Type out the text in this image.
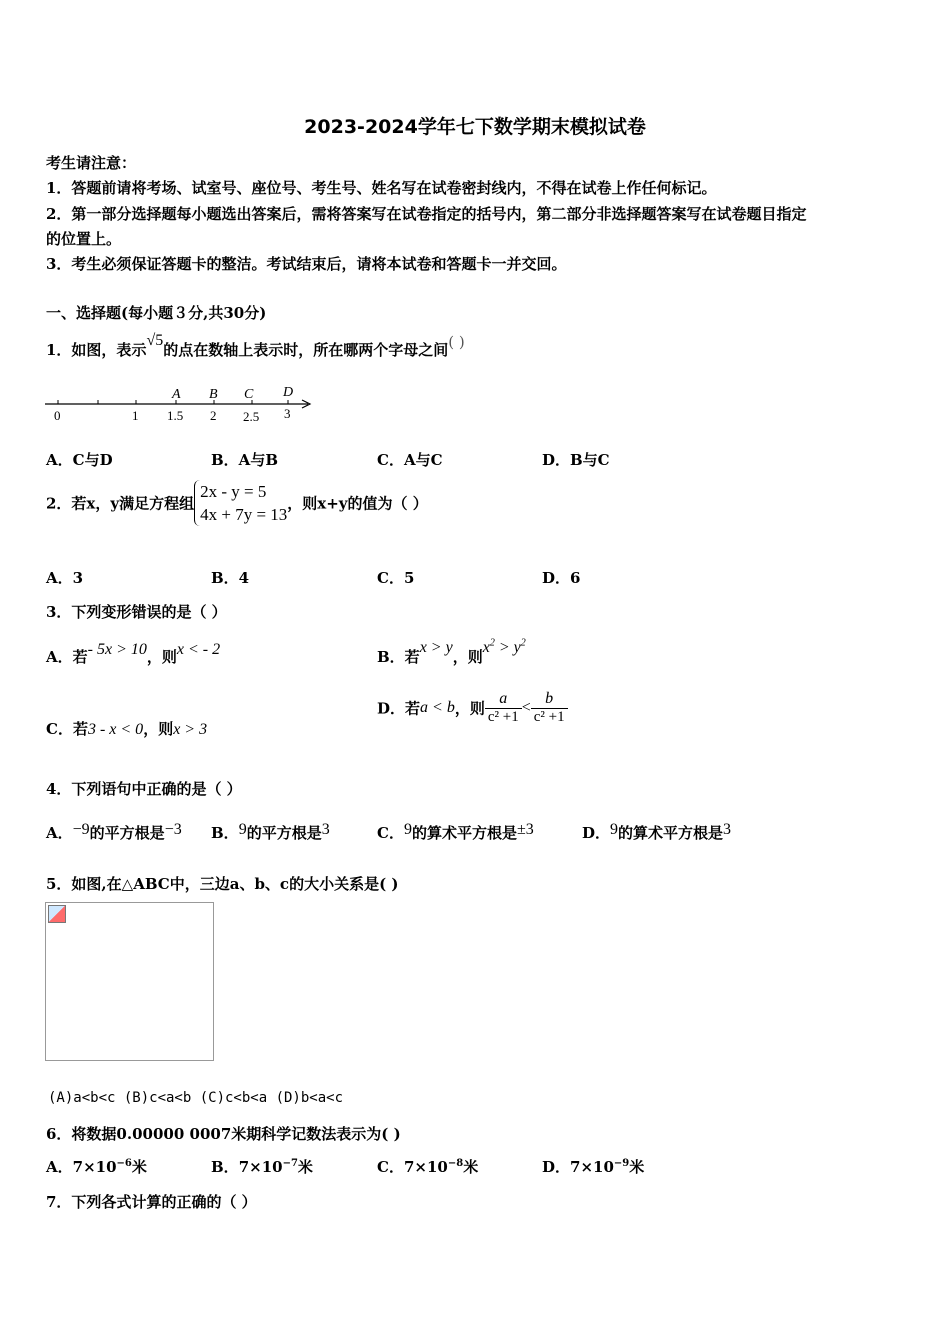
2023-2024学年七下数学期末模拟试卷
考生请注意：
1．答题前请将考场、试室号、座位号、考生号、姓名写在试卷密封线内，不得在试卷上作任何标记。
2．第一部分选择题每小题选出答案后，需将答案写在试卷指定的括号内，第二部分非选择题答案写在试卷题目指定
的位置上。
3．考生必须保证答题卡的整洁。考试结束后，请将本试卷和答题卡一并交回。
一、选择题(每小题３分,共30分)
1．如图，表示√5的点在数轴上表示时，所在哪两个字母之间( )
0	1 1.5 2 2.5 3
A B C D
A．C与D	B．A与B	C．A与C	D．B与C
2．若x，y满足方程组
2x - y = 5
4x + 7y = 13
，则x+y的值为（ ）
A．3	B．4	C．5	D．6
3．下列变形错误的是（ ）
A．若- 5x > 10，则x < - 2	B．若x > y，则$x^2 > y^2$
C．若3 - x < 0，则x > 3
D．若a < b，则 $\frac{a}{\text{c² +1}} < \frac{b}{\text{c² +1}}$
4．下列语句中正确的是（ ）
A．−9的平方根是−3 B．9的平方根是3	C．9的算术平方根是±3	D．9的算术平方根是3
5．如图,在△ABC中，三边a、b、c的大小关系是( )
(A)a<b<c (B)c<a<b (C)c<b<a (D)b<a<c
6．将数据0.00000 0007米期科学记数法表示为( )
A．$7\times 10^{-6}$米	B．$7\times 10^{-7}$米	C．$7\times 10^{-8}$米	D．$7\times 10^{-9}$米
7．下列各式计算的正确的（ ）
